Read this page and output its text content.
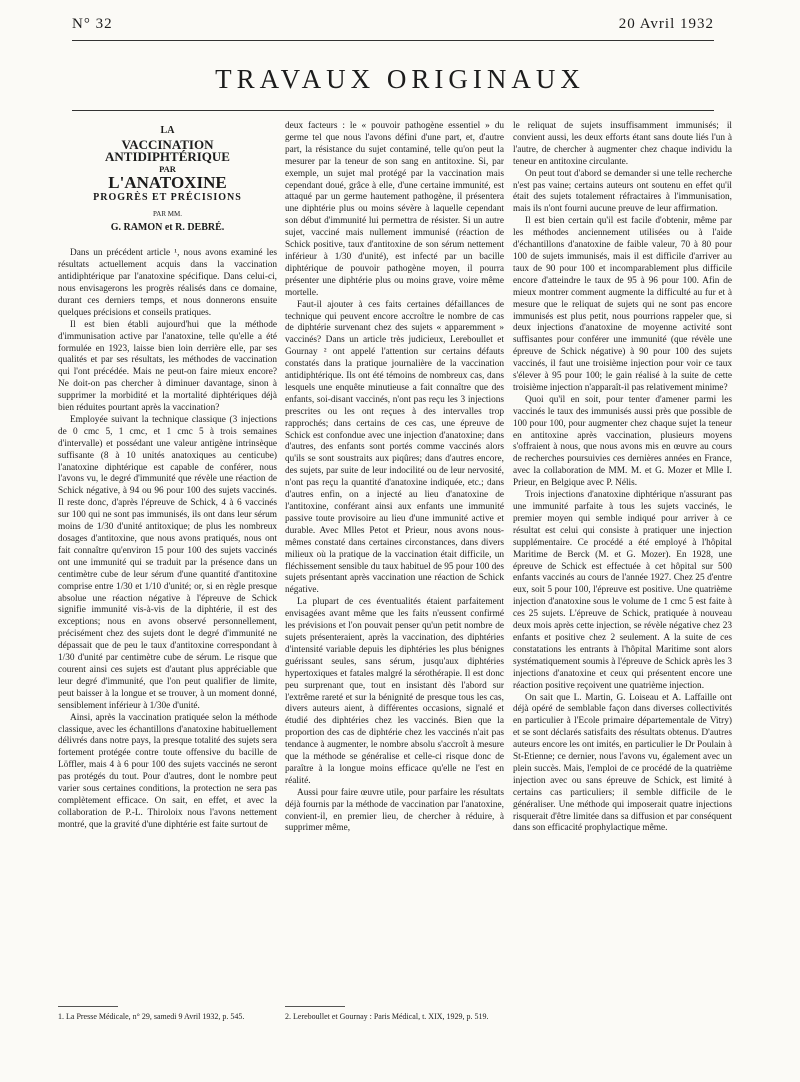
N° 32	20 Avril 1932
TRAVAUX ORIGINAUX

LA

VACCINATION ANTIDIPHTÉRIQUE

PAR

L'ANATOXINE

PROGRÈS ET PRÉCISIONS

PAR MM.

G. RAMON et R. DEBRÉ.

Dans un précédent article ¹, nous avons examiné les résultats actuellement acquis dans la vaccination antidiphtérique par l'anatoxine spécifique. Dans celui-ci, nous envisagerons les progrès réalisés dans ce domaine, durant ces derniers temps, et nous donnerons ensuite quelques précisions et conseils pratiques.

Il est bien établi aujourd'hui que la méthode d'immunisation active par l'anatoxine, telle qu'elle a été formulée en 1923, laisse bien loin derrière elle, par ses qualités et par ses résultats, les méthodes de vaccination qui l'ont précédée. Mais ne peut-on faire mieux encore? Ne doit-on pas chercher à diminuer davantage, sinon à supprimer la morbidité et la mortalité diphtériques déjà bien réduites pourtant après la vaccination?

Employée suivant la technique classique (3 injections de 0 cmc 5, 1 cmc, et 1 cmc 5 à trois semaines d'intervalle) et possédant une valeur antigène intrinsèque suffisante (8 à 10 unités anatoxiques au centicube) l'anatoxine diphtérique est capable de conférer, nous l'avons vu, le degré d'immunité que révèle une réaction de Schick négative, à 94 ou 96 pour 100 des sujets vaccinés. Il reste donc, d'après l'épreuve de Schick, 4 à 6 vaccinés sur 100 qui ne sont pas immunisés, ils ont dans leur sérum moins de 1/30 d'unité antitoxique; de plus les nombreux dosages d'antitoxine, que nous avons pratiqués, nous ont fait connaître qu'environ 15 pour 100 des sujets vaccinés ont une immunité qui se traduit par la présence dans un centimètre cube de leur sérum d'une quantité d'antitoxine comprise entre 1/30 et 1/10 d'unité; or, si en règle presque absolue une réaction négative à l'épreuve de Schick signifie immunité vis-à-vis de la diphtérie, il est des exceptions; nous en avons observé personnellement, précisément chez des sujets dont le degré d'immunité ne dépassait que de peu le taux d'antitoxine correspondant à 1/30 d'unité par centimètre cube de sérum. Le risque que courent ainsi ces sujets est d'autant plus appréciable que leur degré d'immunité, que l'on peut qualifier de limite, peut baisser à la longue et se trouver, à un moment donné, sensiblement inférieur à 1/30e d'unité.

Ainsi, après la vaccination pratiquée selon la méthode classique, avec les échantillons d'anatoxine habituellement délivrés dans notre pays, la presque totalité des sujets sera fortement protégée contre toute offensive du bacille de Löffler, mais 4 à 6 pour 100 des sujets vaccinés ne seront pas protégés du tout. Pour d'autres, dont le nombre peut varier sous certaines conditions, la protection ne sera pas complètement efficace. On sait, en effet, et avec la collaboration de P.-L. Thiroloix nous l'avons nettement montré, que la gravité d'une diphtérie est faite surtout de

deux facteurs : le « pouvoir pathogène essentiel » du germe tel que nous l'avons défini d'une part, et, d'autre part, la résistance du sujet contaminé, telle qu'on peut la mesurer par la teneur de son sang en antitoxine. Si, par exemple, un sujet mal protégé par la vaccination mais cependant doué, grâce à elle, d'une certaine immunité, est attaqué par un germe hautement pathogène, il présentera une diphtérie plus ou moins sévère à laquelle cependant son début d'immunité lui permettra de résister. Si un autre sujet, vacciné mais nullement immunisé (réaction de Schick positive, taux d'antitoxine de son sérum nettement inférieur à 1/30 d'unité), est infecté par un bacille diphtérique de pouvoir pathogène moyen, il pourra présenter une diphtérie plus ou moins grave, voire même mortelle.

Faut-il ajouter à ces faits certaines défaillances de technique qui peuvent encore accroître le nombre de cas de diphtérie survenant chez des sujets « apparemment » vaccinés? Dans un article très judicieux, Lereboullet et Gournay ² ont appelé l'attention sur certains défauts constatés dans la pratique journalière de la vaccination antidiphtérique. Ils ont été témoins de nombreux cas, dans lesquels une enquête minutieuse a fait connaître que des enfants, soi-disant vaccinés, n'ont pas reçu les 3 injections prescrites ou les ont reçues à des intervalles trop rapprochés; dans certains de ces cas, une épreuve de Schick est confondue avec une injection d'anatoxine; dans d'autres, des enfants sont portés comme vaccinés alors qu'ils se sont soustraits aux piqûres; dans d'autres encore, des sujets, par suite de leur indocilité ou de leur nervosité, n'ont pas reçu la quantité d'anatoxine indiquée, etc.; dans d'autres enfin, on a injecté au lieu d'anatoxine de l'antitoxine, conférant ainsi aux enfants une immunité passive toute provisoire au lieu d'une immunité active et durable. Avec Mlles Petot et Prieur, nous avons nous-mêmes constaté dans certaines circonstances, dans divers milieux où la pratique de la vaccination était difficile, un fléchissement sensible du taux habituel de 95 pour 100 des sujets présentant après vaccination une réaction de Schick négative.

La plupart de ces éventualités étaient parfaitement envisagées avant même que les faits n'eussent confirmé les prévisions et l'on pouvait penser qu'un petit nombre de sujets présenteraient, après la vaccination, des diphtéries d'intensité variable depuis les diphtéries les plus bénignes guérissant seules, sans sérum, jusqu'aux diphtéries hypertoxiques et fatales malgré la sérothérapie. Il est donc peu surprenant que, tout en insistant dès l'abord sur l'extrême rareté et sur la bénignité de presque tous les cas, divers auteurs aient, à différentes occasions, signalé et étudié des diphtéries chez les vaccinés. Bien que la proportion des cas de diphtérie chez les vaccinés n'ait pas tendance à augmenter, le nombre absolu s'accroît à mesure que la méthode se généralise et celle-ci risque donc de paraître à la longue moins efficace qu'elle ne l'est en réalité.

Aussi pour faire œuvre utile, pour parfaire les résultats déjà fournis par la méthode de vaccination par l'anatoxine, convient-il, en premier lieu, de chercher à réduire, à supprimer même,

le reliquat de sujets insuffisamment immunisés; il convient aussi, les deux efforts étant sans doute liés l'un à l'autre, de chercher à augmenter chez chaque individu la teneur en antitoxine circulante.

On peut tout d'abord se demander si une telle recherche n'est pas vaine; certains auteurs ont soutenu en effet qu'il était des sujets totalement réfractaires à l'immunisation, mais ils n'ont fourni aucune preuve de leur affirmation.

Il est bien certain qu'il est facile d'obtenir, même par les méthodes anciennement utilisées ou à l'aide d'échantillons d'anatoxine de faible valeur, 70 à 80 pour 100 de sujets immunisés, mais il est difficile d'arriver au taux de 90 pour 100 et incomparablement plus difficile encore d'atteindre le taux de 95 à 96 pour 100. Afin de mieux montrer comment augmente la difficulté au fur et à mesure que le reliquat de sujets qui ne sont pas encore immunisés est plus petit, nous pourrions rappeler que, si deux injections d'anatoxine de moyenne activité sont suffisantes pour conférer une immunité (que révèle une épreuve de Schick négative) à 90 pour 100 des sujets vaccinés, il faut une troisième injection pour voir ce taux s'élever à 95 pour 100; le gain réalisé à la suite de cette troisième injection n'apparaît-il pas relativement minime?

Quoi qu'il en soit, pour tenter d'amener parmi les vaccinés le taux des immunisés aussi près que possible de 100 pour 100, pour augmenter chez chaque sujet la teneur en antitoxine après vaccination, plusieurs moyens s'offraient à nous, que nous avons mis en œuvre au cours de recherches poursuivies ces dernières années en France, avec la collaboration de MM. M. et G. Mozer et Mlle I. Prieur, en Belgique avec P. Nélis.

Trois injections d'anatoxine diphtérique n'assurant pas une immunité parfaite à tous les sujets vaccinés, le premier moyen qui semble indiqué pour arriver à ce résultat est celui qui consiste à pratiquer une injection supplémentaire. Ce procédé a été employé à l'hôpital Maritime de Berck (M. et G. Mozer). En 1928, une épreuve de Schick est effectuée à cet hôpital sur 500 enfants vaccinés au cours de l'année 1927. Chez 25 d'entre eux, soit 5 pour 100, l'épreuve est positive. Une quatrième injection d'anatoxine sous le volume de 1 cmc 5 est faite à ces 25 sujets. L'épreuve de Schick, pratiquée à nouveau deux mois après cette injection, se révèle négative chez 23 enfants et positive chez 2 seulement. A la suite de ces constatations les entrants à l'hôpital Maritime sont alors systématiquement soumis à l'épreuve de Schick après les 3 injections d'anatoxine et ceux qui présentent encore une réaction positive reçoivent une quatrième injection.

On sait que L. Martin, G. Loiseau et A. Laffaille ont déjà opéré de semblable façon dans diverses collectivités en particulier à l'Ecole primaire départementale de Vitry) et se sont déclarés satisfaits des résultats obtenus. D'autres auteurs encore les ont imités, en particulier le Dr Poulain à St-Etienne; ce dernier, nous l'avons vu, également avec un plein succès. Mais, l'emploi de ce procédé de la quatrième injection avec ou sans épreuve de Schick, est limité à certains cas particuliers; il semble difficile de le généraliser. Une méthode qui imposerait quatre injections risquerait d'être limitée dans sa diffusion et par conséquent dans son efficacité prophylactique même.

1. La Presse Médicale, n° 29, samedi 9 Avril 1932, p. 545.	2. Lereboullet et Gournay : Paris Médical, t. XIX, 1929, p. 519.
